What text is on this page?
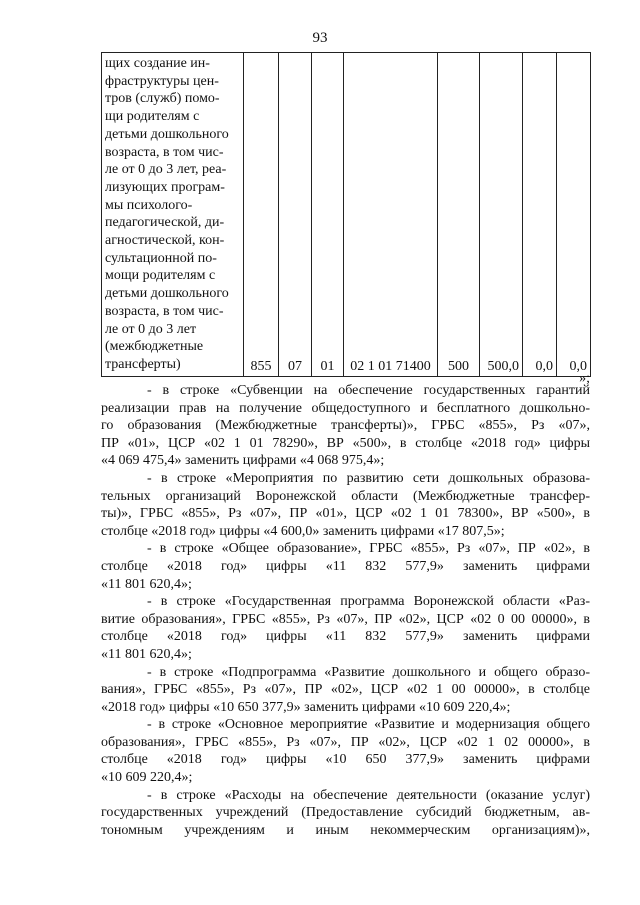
93
щих создание ин-
фраструктуры цен-
тров (служб) помо-
щи родителям с
детьми дошкольного
возраста, в том чис-
ле от 0 до 3 лет, реа-
лизующих програм-
мы психолого-
педагогической, ди-
агностической, кон-
сультационной по-
мощи родителям с
детьми дошкольного
возраста, в том чис-
ле от 0 до 3 лет
(межбюджетные
трансферты)	855	07	01	02 1 01 71400	500	500,0	0,0	0,0
»;

- в строке «Субвенции на обеспечение государственных гарантий
реализации прав на получение общедоступного и бесплатного дошкольно-
го образования (Межбюджетные трансферты)», ГРБС «855», Рз «07»,
ПР «01», ЦСР «02 1 01 78290», ВР «500», в столбце «2018 год» цифры
«4 069 475,4» заменить цифрами «4 068 975,4»;

- в строке «Мероприятия по развитию сети дошкольных образова-
тельных организаций Воронежской области (Межбюджетные трансфер-
ты)», ГРБС «855», Рз «07», ПР «01», ЦСР «02 1 01 78300», ВР «500», в
столбце «2018 год» цифры «4 600,0» заменить цифрами «17 807,5»;

- в строке «Общее образование», ГРБС «855», Рз «07», ПР «02», в
столбце «2018 год» цифры «11 832 577,9» заменить цифрами
«11 801 620,4»;

- в строке «Государственная программа Воронежской области «Раз-
витие образования», ГРБС «855», Рз «07», ПР «02», ЦСР «02 0 00 00000», в
столбце «2018 год» цифры «11 832 577,9» заменить цифрами
«11 801 620,4»;

- в строке «Подпрограмма «Развитие дошкольного и общего образо-
вания», ГРБС «855», Рз «07», ПР «02», ЦСР «02 1 00 00000», в столбце
«2018 год» цифры «10 650 377,9» заменить цифрами «10 609 220,4»;

- в строке «Основное мероприятие «Развитие и модернизация общего
образования», ГРБС «855», Рз «07», ПР «02», ЦСР «02 1 02 00000», в
столбце «2018 год» цифры «10 650 377,9» заменить цифрами
«10 609 220,4»;

- в строке «Расходы на обеспечение деятельности (оказание услуг)
государственных учреждений (Предоставление субсидий бюджетным, ав-
тономным учреждениям и иным некоммерческим организациям)»,
